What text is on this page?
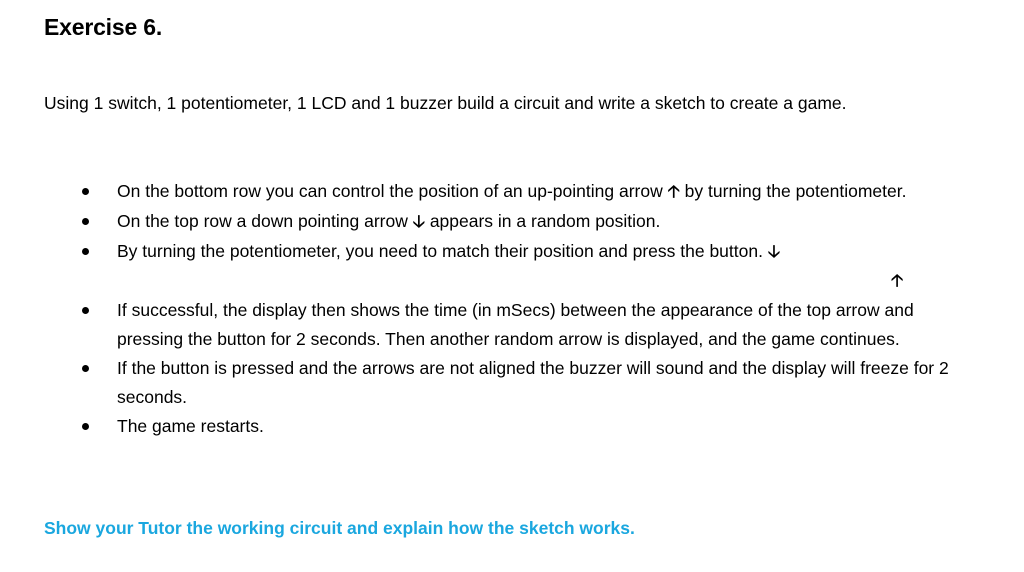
Exercise 6.

Using 1 switch, 1 potentiometer, 1 LCD and 1 buzzer build a circuit and write a sketch to create a game.

On the bottom row you can control the position of an up-pointing arrow 🡡 by turning the potentiometer.
On the top row a down pointing arrow 🡣 appears in a random position.
By turning the potentiometer, you need to match their position and press the button. 🡣
🡡
If successful, the display then shows the time (in mSecs) between the appearance of the top arrow and pressing the button for 2 seconds. Then another random arrow is displayed, and the game continues.
If the button is pressed and the arrows are not aligned the buzzer will sound and the display will freeze for 2 seconds.
The game restarts.

Show your Tutor the working circuit and explain how the sketch works.
